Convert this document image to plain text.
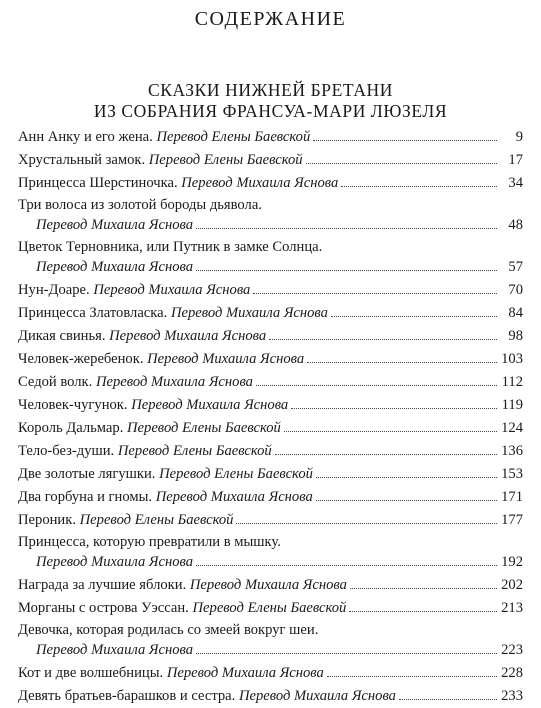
СОДЕРЖАНИЕ
СКАЗКИ НИЖНЕЙ БРЕТАНИ
ИЗ СОБРАНИЯ ФРАНСУА-МАРИ ЛЮЗЕЛЯ
Анн Анку и его жена. Перевод Елены Баевской	9
Хрустальный замок. Перевод Елены Баевской	17
Принцесса Шерстиночка. Перевод Михаила Яснова	34
Три волоса из золотой бороды дьявола.
Перевод Михаила Яснова	48
Цветок Терновника, или Путник в замке Солнца.
Перевод Михаила Яснова	57
Нун-Доаре. Перевод Михаила Яснова	70
Принцесса Златовласка. Перевод Михаила Яснова	84
Дикая свинья. Перевод Михаила Яснова	98
Человек-жеребенок. Перевод Михаила Яснова	103
Седой волк. Перевод Михаила Яснова	112
Человек-чугунок. Перевод Михаила Яснова	119
Король Дальмар. Перевод Елены Баевской	124
Тело-без-души. Перевод Елены Баевской	136
Две золотые лягушки. Перевод Елены Баевской	153
Два горбуна и гномы. Перевод Михаила Яснова	171
Пероник. Перевод Елены Баевской	177
Принцесса, которую превратили в мышку.
Перевод Михаила Яснова	192
Награда за лучшие яблоки. Перевод Михаила Яснова	202
Морганы с острова Уэссан. Перевод Елены Баевской	213
Девочка, которая родилась со змеей вокруг шеи.
Перевод Михаила Яснова	223
Кот и две волшебницы. Перевод Михаила Яснова	228
Девять братьев-барашков и сестра. Перевод Михаила Яснова	233
